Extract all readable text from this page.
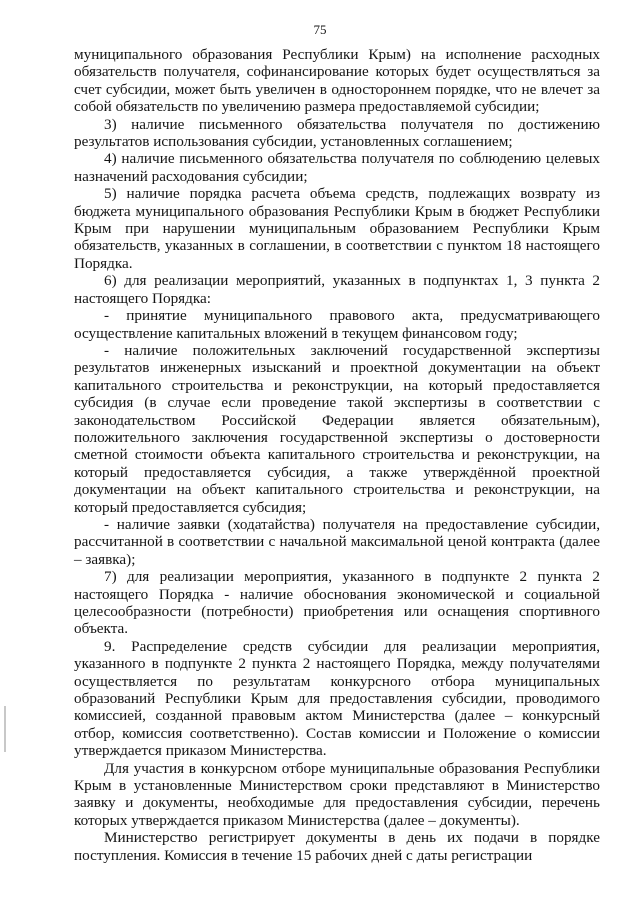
75

муниципального образования Республики Крым) на исполнение расходных обязательств получателя, софинансирование которых будет осуществляться за счет субсидии, может быть увеличен в одностороннем порядке, что не влечет за собой обязательств по увеличению размера предоставляемой субсидии;

3) наличие письменного обязательства получателя по достижению результатов использования субсидии, установленных соглашением;

4) наличие письменного обязательства получателя по соблюдению целевых назначений расходования субсидии;

5) наличие порядка расчета объема средств, подлежащих возврату из бюджета муниципального образования Республики Крым в бюджет Республики Крым при нарушении муниципальным образованием Республики Крым обязательств, указанных в соглашении, в соответствии с пунктом 18 настоящего Порядка.

6) для реализации мероприятий, указанных в подпунктах 1, 3 пункта 2 настоящего Порядка:

- принятие муниципального правового акта, предусматривающего осуществление капитальных вложений в текущем финансовом году;

- наличие положительных заключений государственной экспертизы результатов инженерных изысканий и проектной документации на объект капитального строительства и реконструкции, на который предоставляется субсидия (в случае если проведение такой экспертизы в соответствии с законодательством Российской Федерации является обязательным), положительного заключения государственной экспертизы о достоверности сметной стоимости объекта капитального строительства и реконструкции, на который предоставляется субсидия, а также утверждённой проектной документации на объект капитального строительства и реконструкции, на который предоставляется субсидия;

- наличие заявки (ходатайства) получателя на предоставление субсидии, рассчитанной в соответствии с начальной максимальной ценой контракта (далее – заявка);

7) для реализации мероприятия, указанного в подпункте 2 пункта 2 настоящего Порядка - наличие обоснования экономической и социальной целесообразности (потребности) приобретения или оснащения спортивного объекта.

9. Распределение средств субсидии для реализации мероприятия, указанного в подпункте 2 пункта 2 настоящего Порядка, между получателями осуществляется по результатам конкурсного отбора муниципальных образований Республики Крым для предоставления субсидии, проводимого комиссией, созданной правовым актом Министерства (далее – конкурсный отбор, комиссия соответственно). Состав комиссии и Положение о комиссии утверждается приказом Министерства.

Для участия в конкурсном отборе муниципальные образования Республики Крым в установленные Министерством сроки представляют в Министерство заявку и документы, необходимые для предоставления субсидии, перечень которых утверждается приказом Министерства (далее – документы).

Министерство регистрирует документы в день их подачи в порядке поступления. Комиссия в течение 15 рабочих дней с даты регистрации
